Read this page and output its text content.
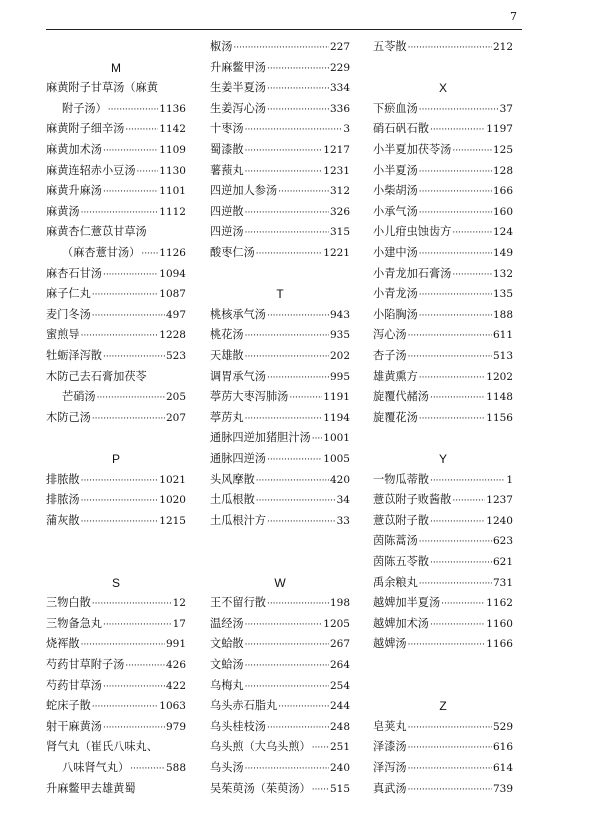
7
M
麻黄附子甘草汤（麻黄
附子汤） ·····	1136
麻黄附子细辛汤 ·····	1142
麻黄加术汤 ·····	1109
麻黄连轺赤小豆汤 ····· 1130
麻黄升麻汤 ·····	1101
麻黄汤 ·····	1112
麻黄杏仁薏苡甘草汤
（麻杏薏甘汤） ····· 1126
麻杏石甘汤 ·····	1094
麻子仁丸 ·····	1087
麦门冬汤 ·····	497
蜜煎导 ·····	1228
牡蛎泽泻散 ·····	523
木防己去石膏加茯苓
芒硝汤 ·····	205
木防己汤 ·····	207
P
排脓散 ·····	1021
排脓汤 ·····	1020
蒲灰散 ·····	1215
S
三物白散 ·····	12
三物备急丸 ·····	17
烧裈散 ·····	991
芍药甘草附子汤 ·····	426
芍药甘草汤 ·····	422
蛇床子散 ·····	1063
射干麻黄汤 ·····	979
肾气丸（崔氏八味丸、
八味肾气丸） ·····	588
升麻鳖甲去雄黄蜀
椒汤 ·····	227
升麻鳖甲汤 ·····	229
生姜半夏汤 ·····	334
生姜泻心汤 ·····	336
十枣汤 ·····	3
蜀漆散 ·····	1217
薯蓣丸 ·····	1231
四逆加人参汤 ·····	312
四逆散 ·····	326
四逆汤 ·····	315
酸枣仁汤 ·····	1221
T
桃核承气汤 ·····	943
桃花汤 ·····	935
天雄散 ·····	202
调胃承气汤 ·····	995
葶苈大枣泻肺汤 ·····	1191
葶苈丸 ·····	1194
通脉四逆加猪胆汁汤 ····· 1001
通脉四逆汤 ·····	1005
头风摩散 ·····	420
土瓜根散 ·····	34
土瓜根汁方 ·····	33
W
王不留行散 ·····	198
温经汤 ·····	1205
文蛤散 ·····	267
文蛤汤 ·····	264
乌梅丸 ·····	254
乌头赤石脂丸 ·····	244
乌头桂枝汤 ·····	248
乌头煎（大乌头煎） ····· 251
乌头汤 ·····	240
吴茱萸汤（茱萸汤） ····· 515
五苓散 ·····	212
X
下瘀血汤 ·····	37
硝石矾石散 ·····	1197
小半夏加茯苓汤 ·····	125
小半夏汤 ·····	128
小柴胡汤 ·····	166
小承气汤 ·····	160
小儿疳虫蚀齿方 ·····	124
小建中汤 ·····	149
小青龙加石膏汤 ·····	132
小青龙汤 ·····	135
小陷胸汤 ·····	188
泻心汤 ·····	611
杏子汤 ·····	513
雄黄熏方 ·····	1202
旋覆代赭汤 ·····	1148
旋覆花汤 ·····	1156
Y
一物瓜蒂散 ·····	1
薏苡附子败酱散 ·····	1237
薏苡附子散 ·····	1240
茵陈蒿汤 ·····	623
茵陈五苓散 ·····	621
禹余粮丸 ·····	731
越婢加半夏汤 ·····	1162
越婢加术汤 ·····	1160
越婢汤 ·····	1166
Z
皂荚丸 ·····	529
泽漆汤 ·····	616
泽泻汤 ·····	614
真武汤 ·····	739
